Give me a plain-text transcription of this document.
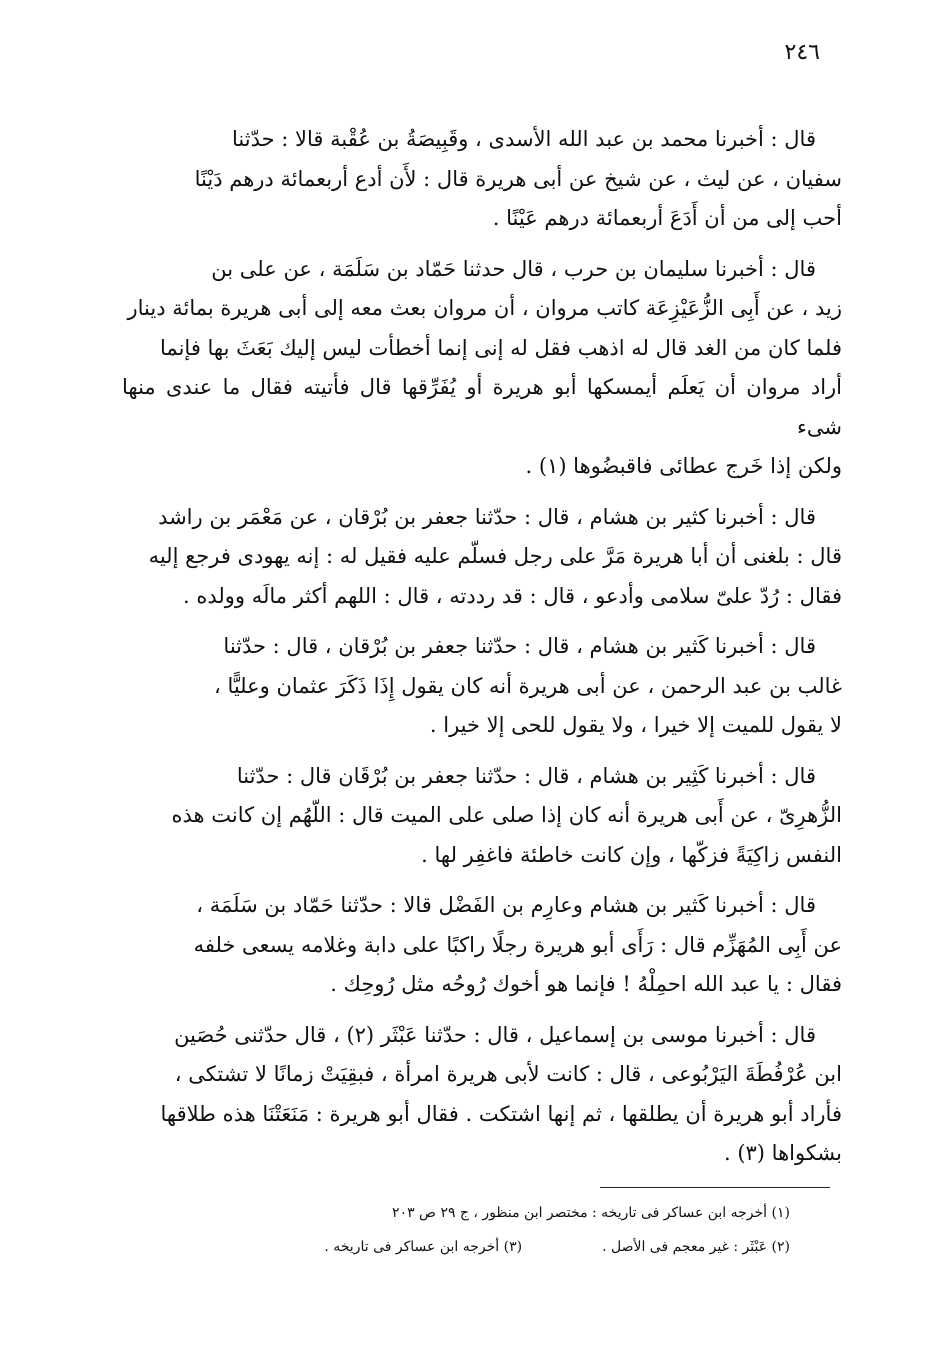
٢٤٦

قال : أخبرنا محمد بن عبد الله الأسدى ، وقَبِيصَةُ بن عُقْبة قالا : حدّثنا
سفيان ، عن ليث ، عن شيخ عن أبى هريرة قال : لأَن أدع أربعمائة درهم دَيْنًا
أحب إلى من أن أَدَعَ أربعمائة درهم عَيْنًا .

قال : أخبرنا سليمان بن حرب ، قال حدثنا حَمّاد بن سَلَمَة ، عن على بن
زيد ، عن أَبِى الزُّعَيْزِعَة كاتب مروان ، أن مروان بعث معه إلى أبى هريرة بمائة دينار
فلما كان من الغد قال له اذهب فقل له إنى إنما أخطأت ليس إليك بَعَثَ بها فإنما
أراد مروان أن يَعلَم أيمسكها أبو هريرة أو يُفَرِّقها قال فأتيته فقال ما عندى منها شىء
ولكن إذا خَرج عطائى فاقبضُوها (١) .

قال : أخبرنا كثير بن هشام ، قال : حدّثنا جعفر بن بُرْقان ، عن مَعْمَر بن راشد
قال : بلغنى أن أبا هريرة مَرَّ على رجل فسلّم عليه فقيل له : إنه يهودى فرجع إليه
فقال : رُدّ علىّ سلامى وأدعو ، قال : قد رددته ، قال : اللهم أكثر مالَه وولده .

قال : أخبرنا كَثير بن هشام ، قال : حدّثنا جعفر بن بُرْقان ، قال : حدّثنا
غالب بن عبد الرحمن ، عن أبى هريرة أنه كان يقول إِذَا ذَكَرَ عثمان وعليًّا ،
لا يقول للميت إلا خيرا ، ولا يقول للحى إلا خيرا .

قال : أخبرنا كَثِير بن هشام ، قال : حدّثنا جعفر بن بُرْقَان قال : حدّثنا
الزُّهرِىّ ، عن أَبى هريرة أنه كان إذا صلى على الميت قال : اللّهُم إن كانت هذه
النفس زاكِيَةً فزكّها ، وإن كانت خاطئة فاغفِر لها .

قال : أخبرنا كَثير بن هشام وعارِم بن الفَضْل قالا : حدّثنا حَمّاد بن سَلَمَة ،
عن أَبِى المُهَزِّم قال : رَأَى أبو هريرة رجلًا راكبًا على دابة وغلامه يسعى خلفه
فقال : يا عبد الله احمِلْهُ ! فإنما هو أخوك رُوحُه مثل رُوحِك .

قال : أخبرنا موسى بن إسماعيل ، قال : حدّثنا عَبْثَر (٢) ، قال حدّثنى حُصَين
ابن عُرْفُطَةَ اليَرْبُوعى ، قال : كانت لأبى هريرة امرأة ، فبقِيَتْ زمانًا لا تشتكى ،
فأراد أبو هريرة أن يطلقها ، ثم إنها اشتكت . فقال أبو هريرة : مَنَعَتْنَا هذه طلاقها
بشكواها (٣) .

(١) أخرجه ابن عساكر فى تاريخه : مختصر ابن منظور ، ج ٢٩ ص ٢٠٣
(٢) عَبْثَر : غير معجم فى الأصل .
(٣) أخرجه ابن عساكر فى تاريخه .
